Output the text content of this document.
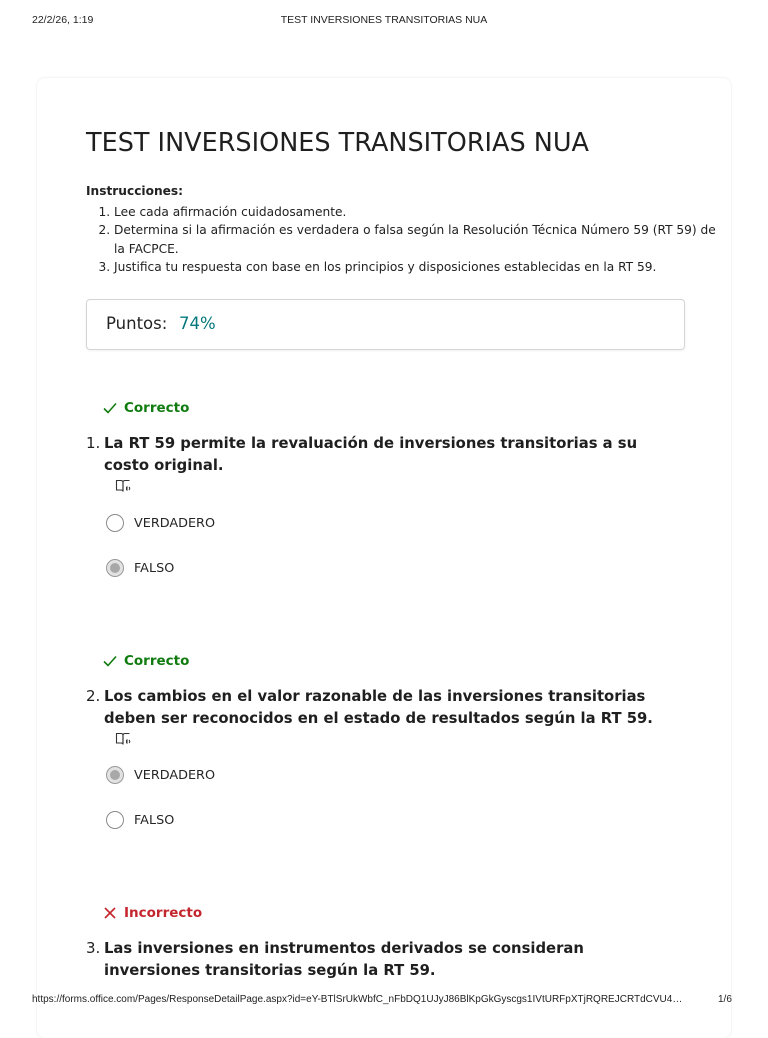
22/2/26, 1:19	TEST INVERSIONES TRANSITORIAS NUA
TEST INVERSIONES TRANSITORIAS NUA
Instrucciones:
1. Lee cada afirmación cuidadosamente.
2. Determina si la afirmación es verdadera o falsa según la Resolución Técnica Número 59 (RT 59) de la FACPCE.
3. Justifica tu respuesta con base en los principios y disposiciones establecidas en la RT 59.
Puntos: 74%
Correcto
1. La RT 59 permite la revaluación de inversiones transitorias a su costo original.
VERDADERO
FALSO
Correcto
2. Los cambios en el valor razonable de las inversiones transitorias deben ser reconocidos en el estado de resultados según la RT 59.
VERDADERO
FALSO
Incorrecto
3. Las inversiones en instrumentos derivados se consideran inversiones transitorias según la RT 59.
https://forms.office.com/Pages/ResponseDetailPage.aspx?id=eY-BTlSrUkWbfC_nFbDQ1UJyJ86BlKpGkGyscgs1IVtURFpXTjRQREJCRTdCVU4…	1/6
